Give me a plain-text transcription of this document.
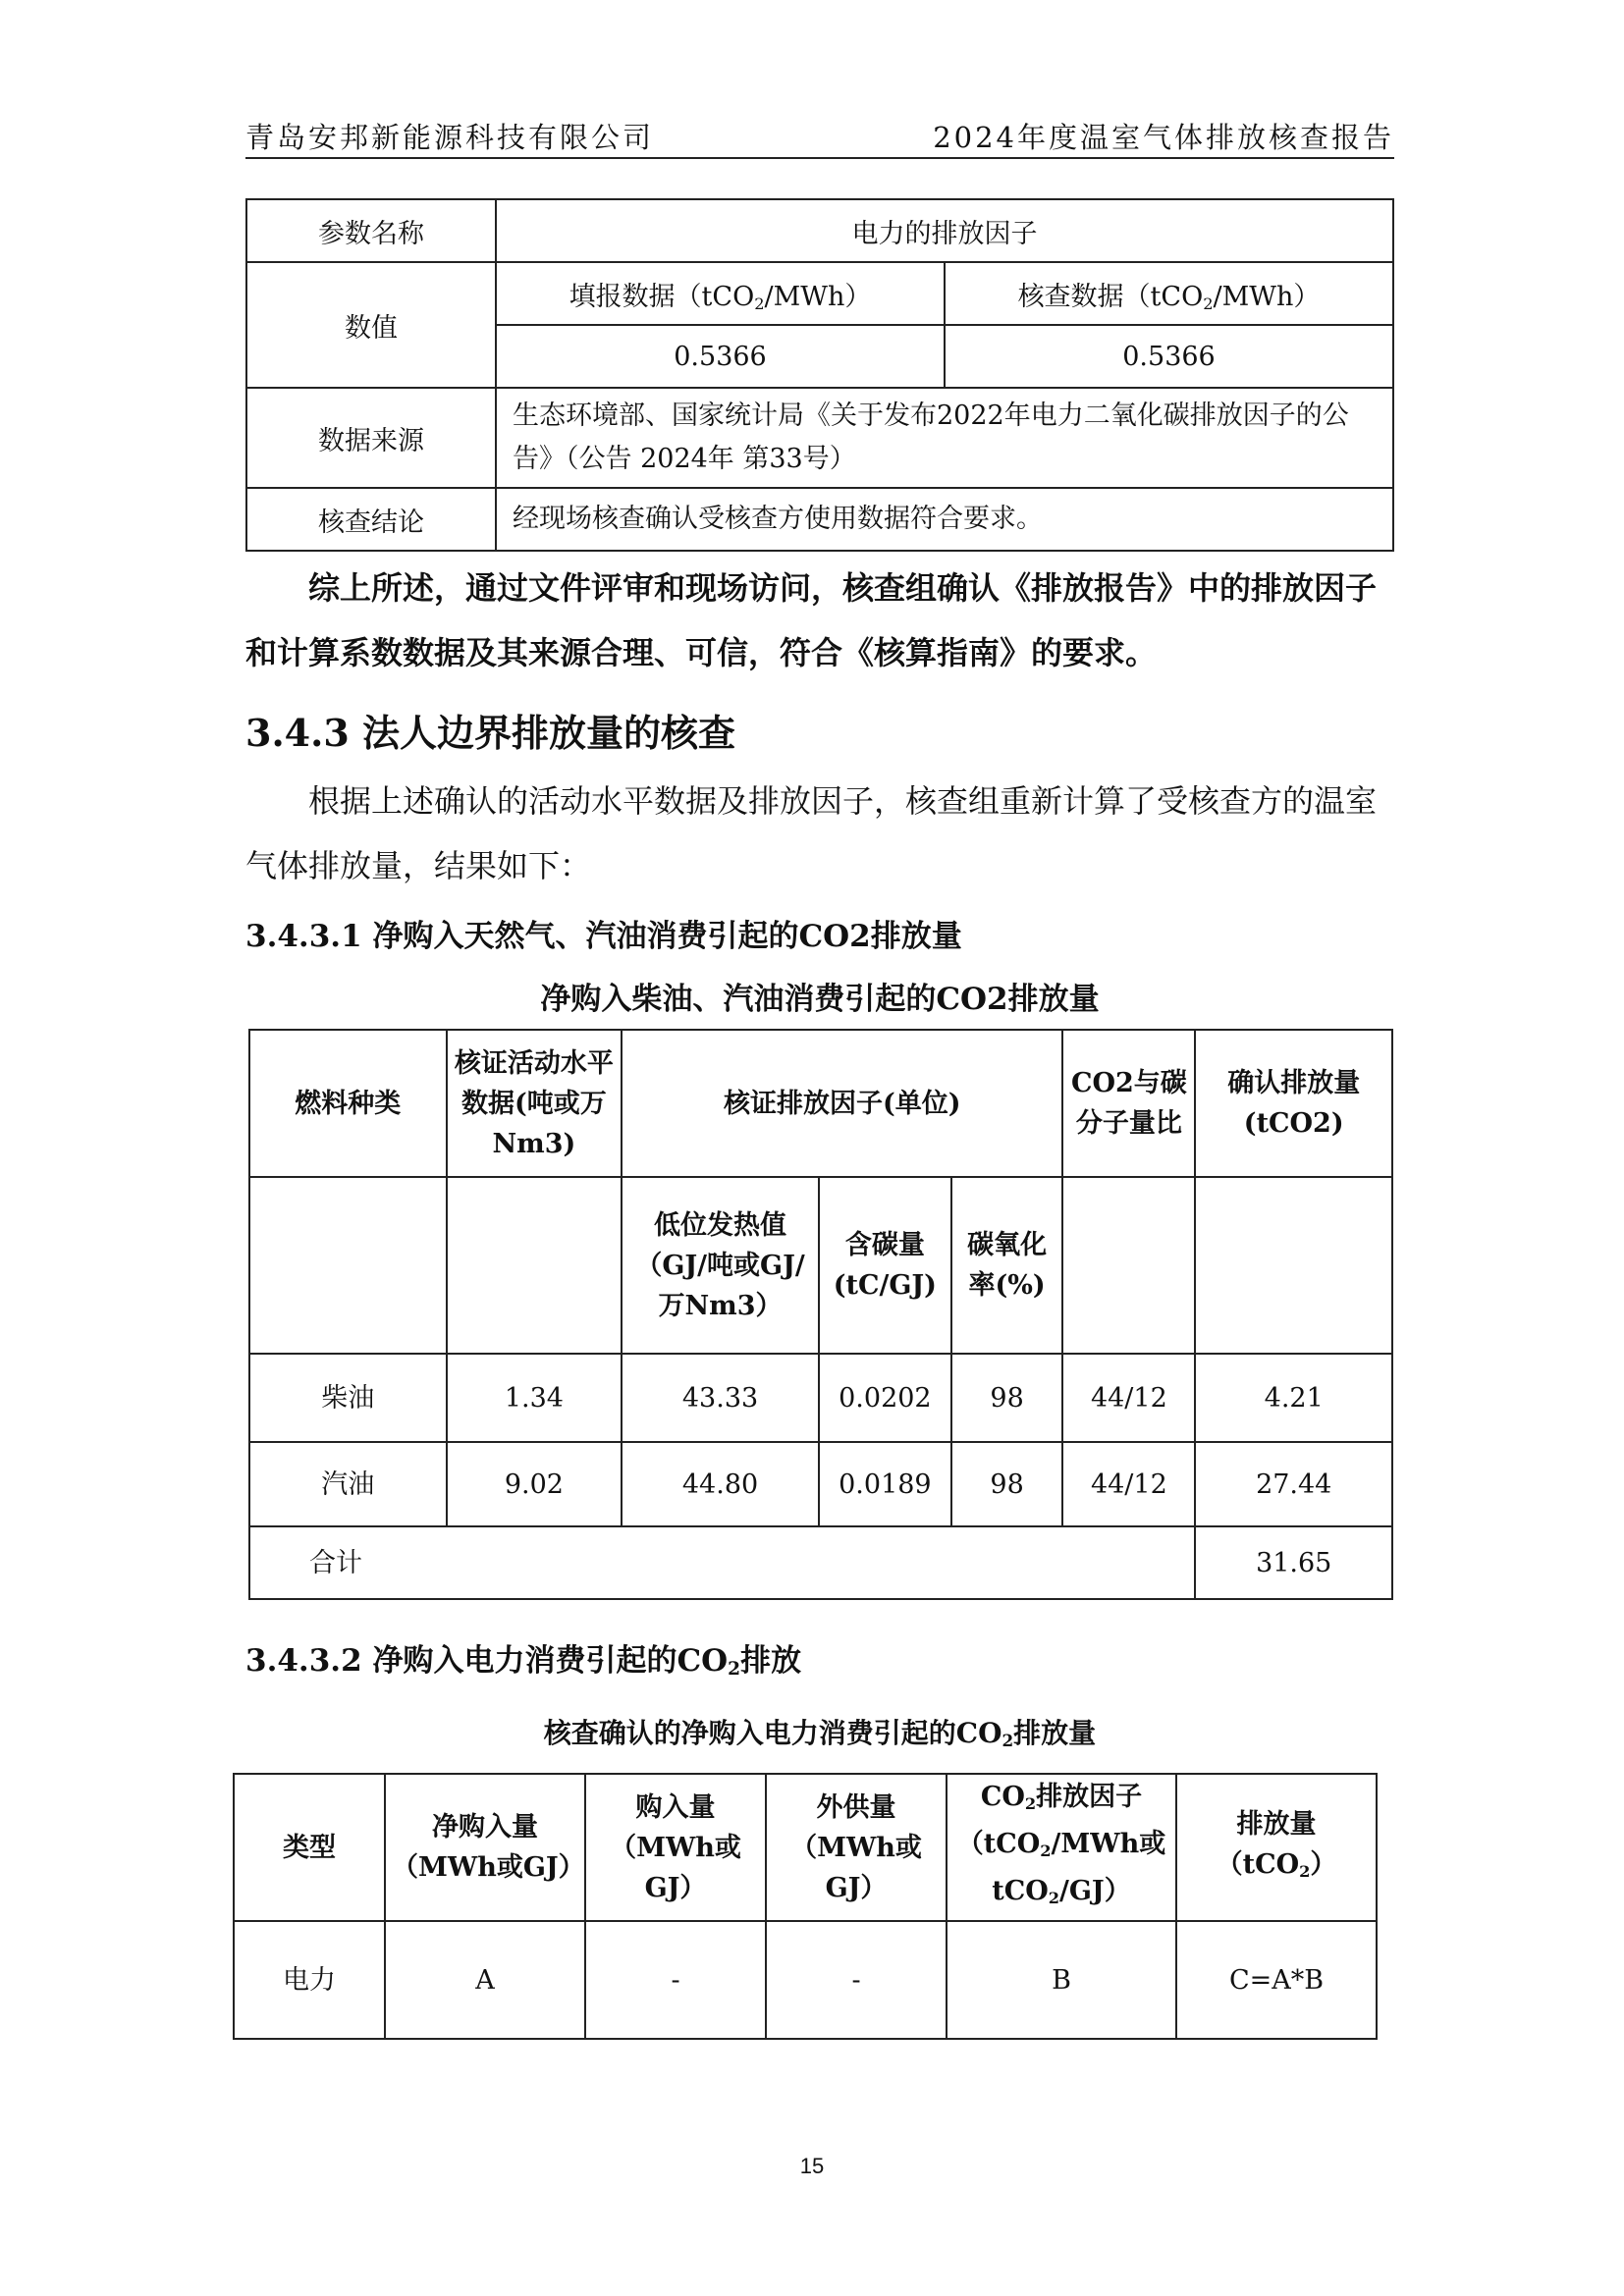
青岛安邦新能源科技有限公司	2024年度温室气体排放核查报告
参数名称	电力的排放因子	
数值	填报数据（tCO$_2$/MWh）	核查数据（tCO$_2$/MWh）
	0.5366	0.5366
数据来源	生态环境部、国家统计局《关于发布2022年电力二氧化碳排放因子的公告》（公告 2024年 第33号）	
核查结论	经现场核查确认受核查方使用数据符合要求。	
综上所述，通过文件评审和现场访问，核查组确认《排放报告》中的排放因子和计算系数数据及其来源合理、可信，符合《核算指南》的要求。
3.4.3 法人边界排放量的核查
根据上述确认的活动水平数据及排放因子，核查组重新计算了受核查方的温室气体排放量，结果如下：
3.4.3.1 净购入天然气、汽油消费引起的CO2排放量
净购入柴油、汽油消费引起的CO2排放量
燃料种类	核证活动水平数据(吨或万 Nm3)	核证排放因子(单位)			CO2与碳分子量比	确认排放量(tCO2)
		低位发热值（GJ/吨或GJ/万Nm3）	含碳量(tC/GJ)	碳氧化率(%)		
柴油	1.34	43.33	0.0202	98	44/12	4.21
汽油	9.02	44.80	0.0189	98	44/12	27.44
合计						31.65
3.4.3.2 净购入电力消费引起的$CO_2$排放
核查确认的净购入电力消费引起的$CO_2$排放量
类型	净购入量（MWh或GJ）	购入量（MWh或GJ）	外供量（MWh或GJ）	$CO_2$排放因子（tCO$_2$/MWh或tCO$_2$/GJ）	排放量（tCO$_2$）
电力	A	-	-	B	C=A*B
15
